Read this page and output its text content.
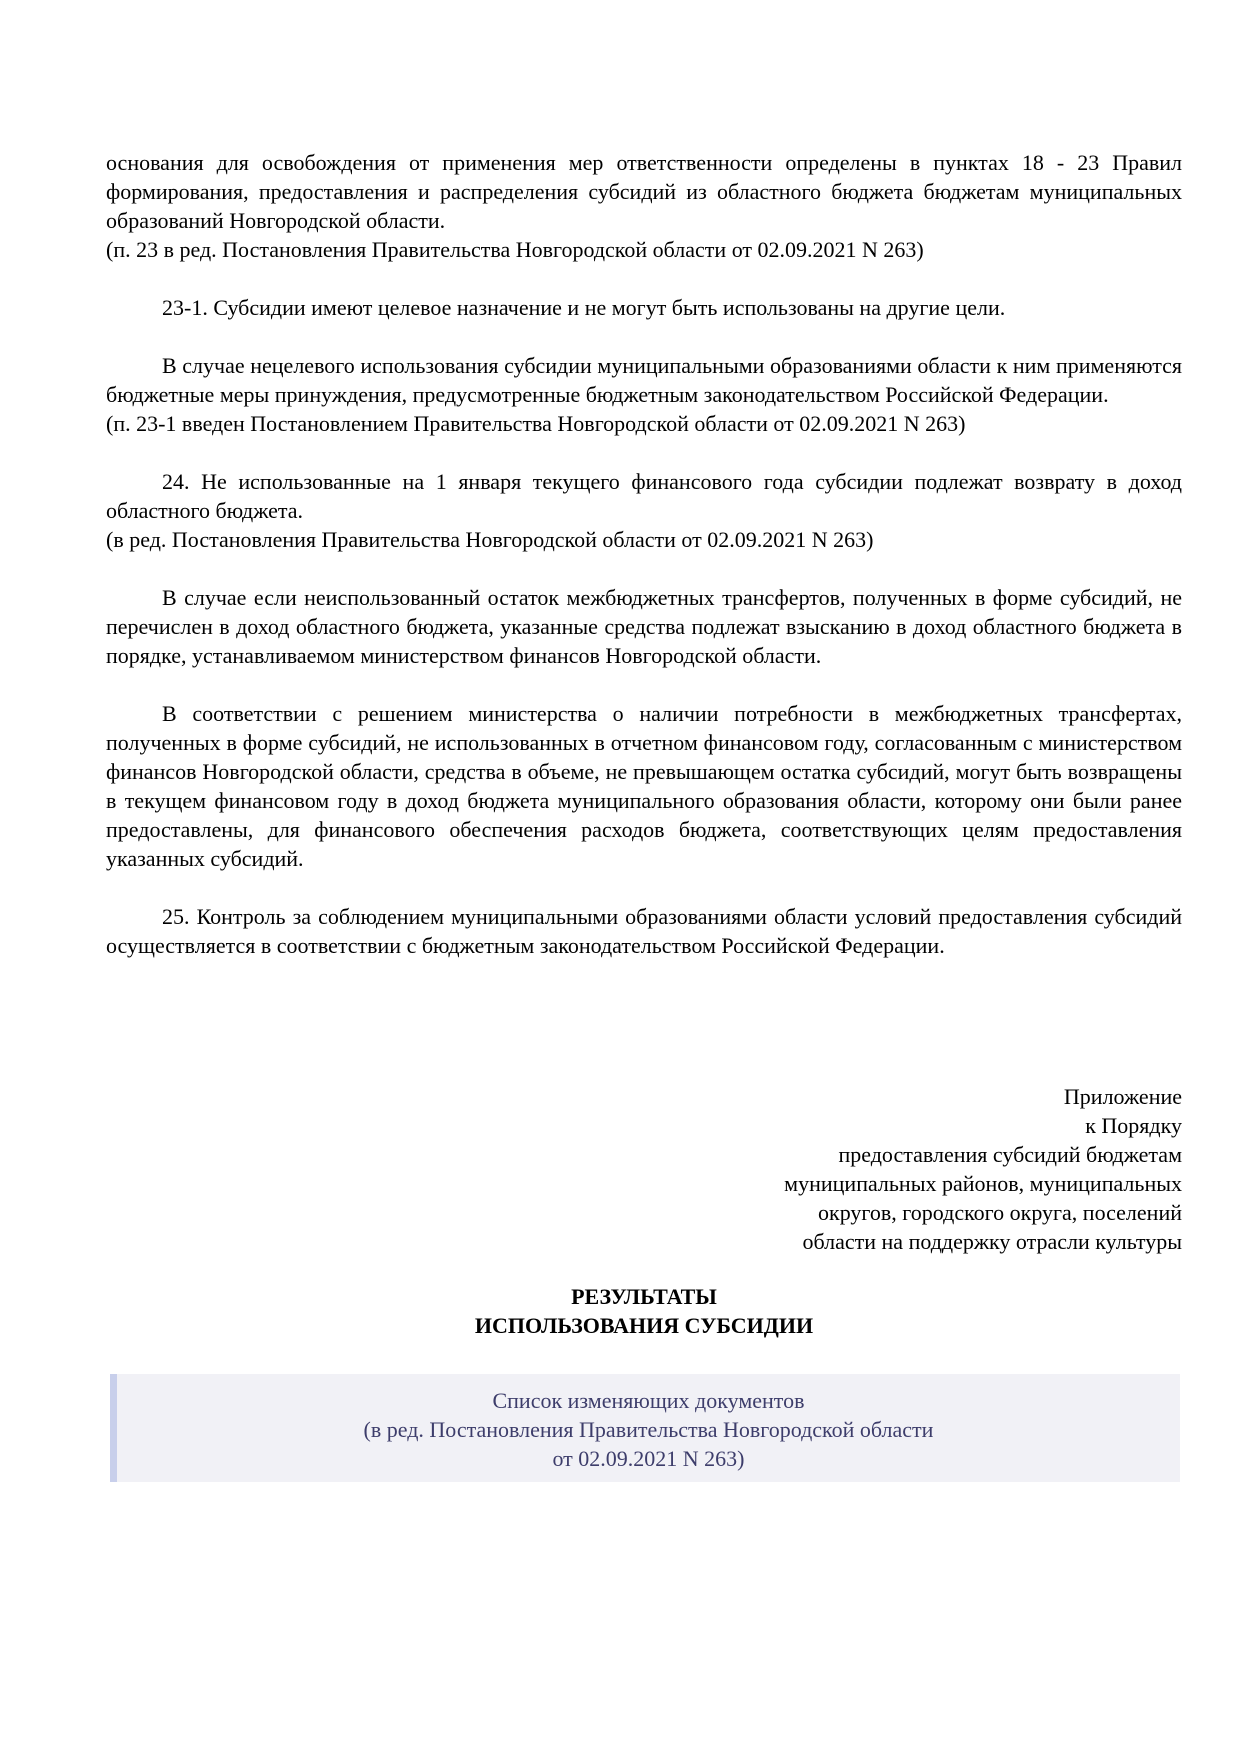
основания для освобождения от применения мер ответственности определены в пунктах 18 - 23 Правил формирования, предоставления и распределения субсидий из областного бюджета бюджетам муниципальных образований Новгородской области.

(п. 23 в ред. Постановления Правительства Новгородской области от 02.09.2021 N 263)

23-1. Субсидии имеют целевое назначение и не могут быть использованы на другие цели.

В случае нецелевого использования субсидии муниципальными образованиями области к ним применяются бюджетные меры принуждения, предусмотренные бюджетным законодательством Российской Федерации.

(п. 23-1 введен Постановлением Правительства Новгородской области от 02.09.2021 N 263)

24. Не использованные на 1 января текущего финансового года субсидии подлежат возврату в доход областного бюджета.

(в ред. Постановления Правительства Новгородской области от 02.09.2021 N 263)

В случае если неиспользованный остаток межбюджетных трансфертов, полученных в форме субсидий, не перечислен в доход областного бюджета, указанные средства подлежат взысканию в доход областного бюджета в порядке, устанавливаемом министерством финансов Новгородской области.

В соответствии с решением министерства о наличии потребности в межбюджетных трансфертах, полученных в форме субсидий, не использованных в отчетном финансовом году, согласованным с министерством финансов Новгородской области, средства в объеме, не превышающем остатка субсидий, могут быть возвращены в текущем финансовом году в доход бюджета муниципального образования области, которому они были ранее предоставлены, для финансового обеспечения расходов бюджета, соответствующих целям предоставления указанных субсидий.

25. Контроль за соблюдением муниципальными образованиями области условий предоставления субсидий осуществляется в соответствии с бюджетным законодательством Российской Федерации.

Приложение
к Порядку
предоставления субсидий бюджетам
муниципальных районов, муниципальных
округов, городского округа, поселений
области на поддержку отрасли культуры
РЕЗУЛЬТАТЫ
ИСПОЛЬЗОВАНИЯ СУБСИДИИ
Список изменяющих документов
(в ред. Постановления Правительства Новгородской области
от 02.09.2021 N 263)
